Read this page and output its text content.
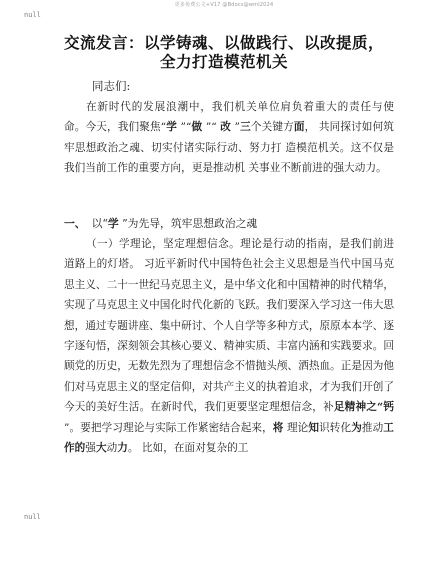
更多免费公文+V17 @Bdocs@wml2024
null
交流发言：以学铸魂、以做践行、以改提质，
全力打造模范机关
同志们:
在新时代的发展浪潮中，我们机关单位肩负着重大的责任与使命。今天，我们聚焦“学 ”“做 ”“ 改 ”三个关键方面， 共同探讨如何筑牢思想政治之魂、切实付诸实际行动、努力打 造模范机关。这不仅是我们当前工作的重要方向，更是推动机 关事业不断前进的强大动力。
一、 以“学 ”为先导，筑牢思想政治之魂
（一）学理论，坚定理想信念。理论是行动的指南，是我们前进道路上的灯塔。 习近平新时代中国特色社会主义思想是当代中国马克思主义、二十一世纪马克思主义，是中华文化和中国精神的时代精华，实现了马克思主义中国化时代化新的飞跃。我们要深入学习这一伟大思想，通过专题讲座、集中研讨、个人自学等多种方式，原原本本学、逐字逐句悟，深刻领会其核心要义、精神实质、丰富内涵和实践要求。回顾党的历史，无数先烈为了理想信念不惜抛头颅、洒热血。正是因为他们对马克思主义的坚定信仰，对共产主义的执着追求，才为我们开创了今天的美好生活。在新时代，我们更要坚定理想信念，补足精神之“钙 ”。要把学习理论与实际工作紧密结合起来，将 理论知识转化为推动工作的强大动力。 比如，在面对复杂的工
null
